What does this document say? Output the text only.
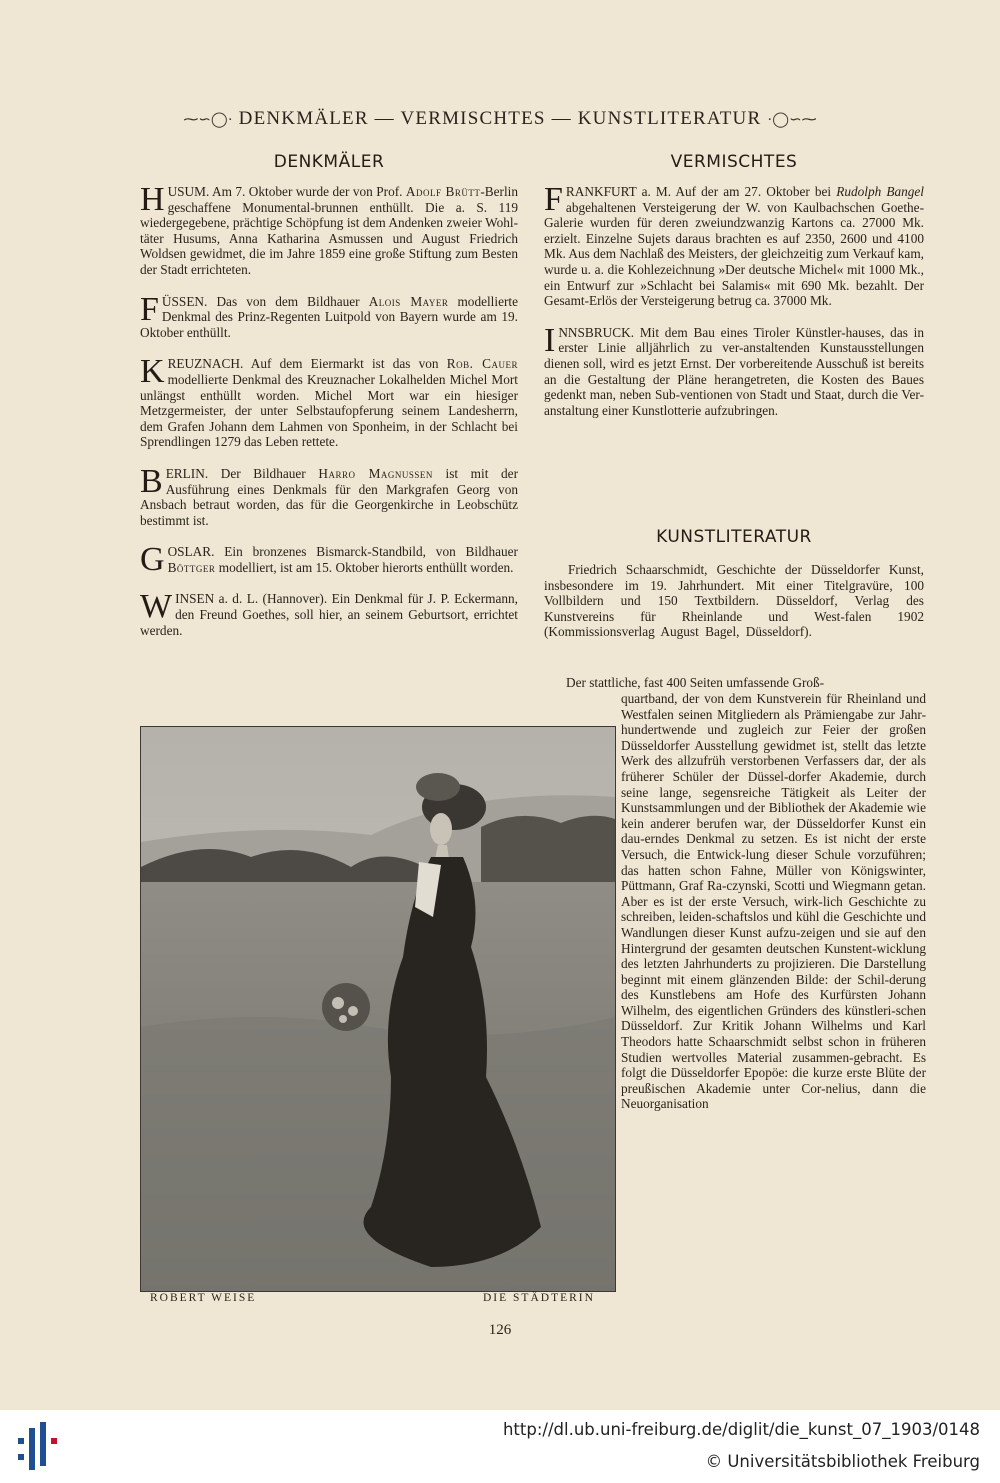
⁓∽◯· DENKMÄLER — VERMISCHTES — KUNSTLITERATUR ·◯∽⁓
DENKMÄLER
HUSUM. Am 7. Oktober wurde der von Prof. Adolf Brütt-Berlin geschaffene Monumental-brunnen enthüllt. Die a. S. 119 wiedergegebene, prächtige Schöpfung ist dem Andenken zweier Wohl-täter Husums, Anna Katharina Asmussen und August Friedrich Woldsen gewidmet, die im Jahre 1859 eine große Stiftung zum Besten der Stadt errichteten.
FÜSSEN. Das von dem Bildhauer Alois Mayer modellierte Denkmal des Prinz-Regenten Luitpold von Bayern wurde am 19. Oktober enthüllt.
KREUZNACH. Auf dem Eiermarkt ist das von Rob. Cauer modellierte Denkmal des Kreuznacher Lokalhelden Michel Mort unlängst enthüllt worden. Michel Mort war ein hiesiger Metzgermeister, der unter Selbstaufopferung seinem Landesherrn, dem Grafen Johann dem Lahmen von Sponheim, in der Schlacht bei Sprendlingen 1279 das Leben rettete.
BERLIN. Der Bildhauer Harro Magnussen ist mit der Ausführung eines Denkmals für den Markgrafen Georg von Ansbach betraut worden, das für die Georgenkirche in Leobschütz bestimmt ist.
GOSLAR. Ein bronzenes Bismarck-Standbild, von Bildhauer Böttger modelliert, ist am 15. Oktober hierorts enthüllt worden.
WINSEN a. d. L. (Hannover). Ein Denkmal für J. P. Eckermann, den Freund Goethes, soll hier, an seinem Geburtsort, errichtet werden.
VERMISCHTES
FRANKFURT a. M. Auf der am 27. Oktober bei Rudolph Bangel abgehaltenen Versteigerung der W. von Kaulbachschen Goethe-Galerie wurden für deren zweiundzwanzig Kartons ca. 27000 Mk. erzielt. Einzelne Sujets daraus brachten es auf 2350, 2600 und 4100 Mk. Aus dem Nachlaß des Meisters, der gleichzeitig zum Verkauf kam, wurde u. a. die Kohlezeichnung »Der deutsche Michel« mit 1000 Mk., ein Entwurf zur »Schlacht bei Salamis« mit 690 Mk. bezahlt. Der Gesamt-Erlös der Versteigerung betrug ca. 37000 Mk.
INNSBRUCK. Mit dem Bau eines Tiroler Künstler-hauses, das in erster Linie alljährlich zu ver-anstaltenden Kunstausstellungen dienen soll, wird es jetzt Ernst. Der vorbereitende Ausschuß ist bereits an die Gestaltung der Pläne herangetreten, die Kosten des Baues gedenkt man, neben Sub-ventionen von Stadt und Staat, durch die Ver-anstaltung einer Kunstlotterie aufzubringen.
KUNSTLITERATUR
Friedrich Schaarschmidt, Geschichte der Düsseldorfer Kunst, insbesondere im 19. Jahrhundert. Mit einer Titelgravüre, 100 Vollbildern und 150 Textbildern. Düsseldorf, Verlag des Kunstvereins für Rheinlande und West-falen 1902 (Kommissionsverlag August Bagel, Düsseldorf).
Der stattliche, fast 400 Seiten umfassende Groß-
quartband, der von dem Kunstverein für Rheinland und Westfalen seinen Mitgliedern als Prämiengabe zur Jahr-hundertwende und zugleich zur Feier der großen Düsseldorfer Ausstellung gewidmet ist, stellt das letzte Werk des allzufrüh verstorbenen Verfassers dar, der als früherer Schüler der Düssel-dorfer Akademie, durch seine lange, segensreiche Tätigkeit als Leiter der Kunstsammlungen und der Bibliothek der Akademie wie kein anderer berufen war, der Düsseldorfer Kunst ein dau-erndes Denkmal zu setzen. Es ist nicht der erste Versuch, die Entwick-lung dieser Schule vorzuführen; das hatten schon Fahne, Müller von Königswinter, Püttmann, Graf Ra-czynski, Scotti und Wiegmann getan. Aber es ist der erste Versuch, wirk-lich Geschichte zu schreiben, leiden-schaftslos und kühl die Geschichte und Wandlungen dieser Kunst aufzu-zeigen und sie auf den Hintergrund der gesamten deutschen Kunstent-wicklung des letzten Jahrhunderts zu projizieren. Die Darstellung beginnt mit einem glänzenden Bilde: der Schil-derung des Kunstlebens am Hofe des Kurfürsten Johann Wilhelm, des eigentlichen Gründers des künstleri-schen Düsseldorf. Zur Kritik Johann Wilhelms und Karl Theodors hatte Schaarschmidt selbst schon in früheren Studien wertvolles Material zusammen-gebracht. Es folgt die Düsseldorfer Epopöe: die kurze erste Blüte der preußischen Akademie unter Cor-nelius, dann die Neuorganisation
ROBERT WEISE	DIE STÄDTERIN
126
http://dl.ub.uni-freiburg.de/diglit/die_kunst_07_1903/0148
© Universitätsbibliothek Freiburg
